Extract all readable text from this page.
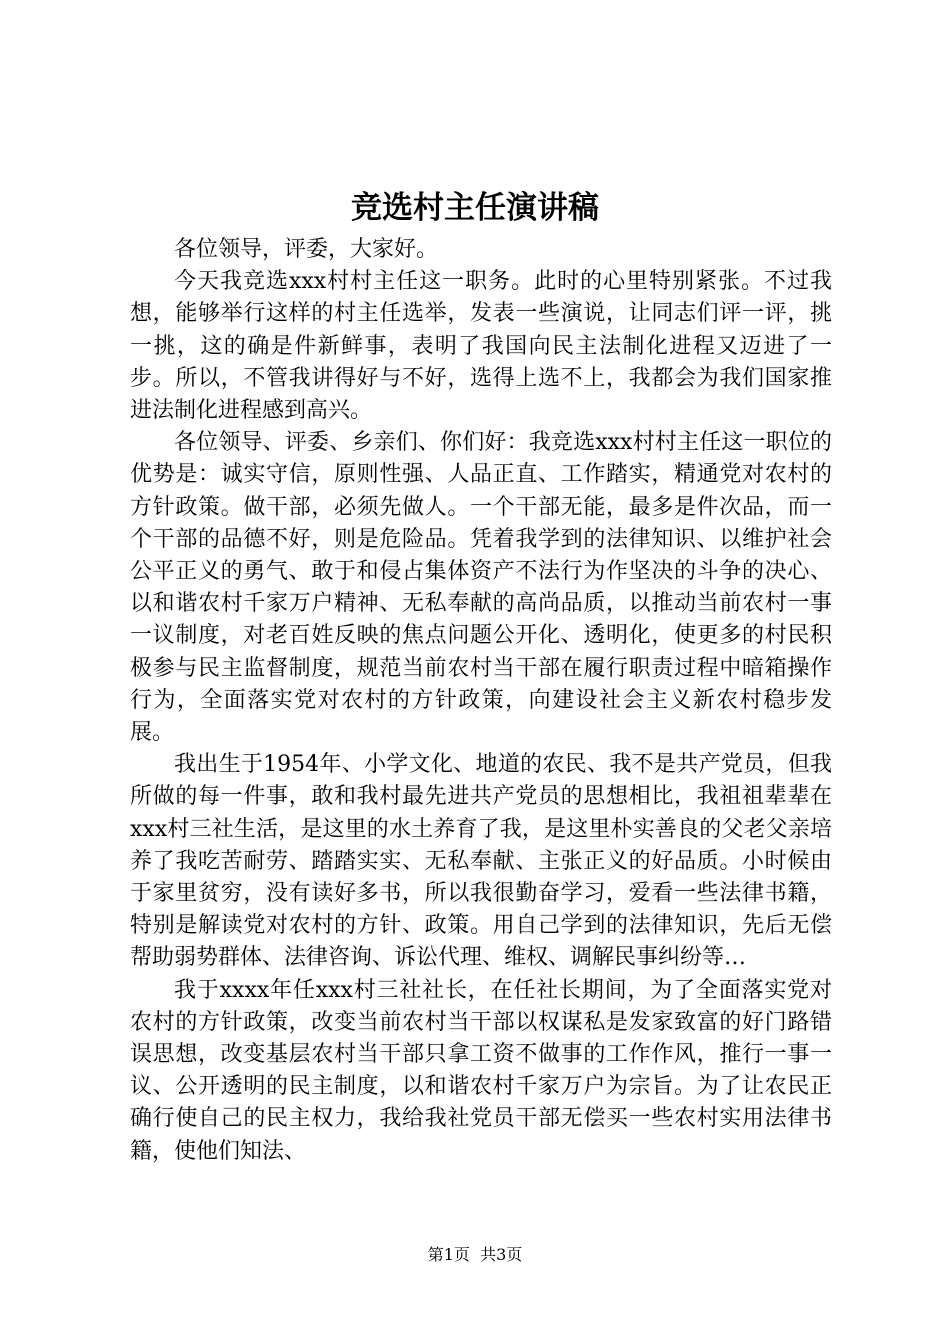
竞选村主任演讲稿

各位领导，评委，大家好。

今天我竞选xxx村村主任这一职务。此时的心里特别紧张。不过我想，能够举行这样的村主任选举，发表一些演说，让同志们评一评，挑一挑，这的确是件新鲜事，表明了我国向民主法制化进程又迈进了一步。所以，不管我讲得好与不好，选得上选不上，我都会为我们国家推进法制化进程感到高兴。

各位领导、评委、乡亲们、你们好：我竞选xxx村村主任这一职位的优势是：诚实守信，原则性强、人品正直、工作踏实，精通党对农村的方针政策。做干部，必须先做人。一个干部无能，最多是件次品，而一个干部的品德不好，则是危险品。凭着我学到的法律知识、以维护社会公平正义的勇气、敢于和侵占集体资产不法行为作坚决的斗争的决心、以和谐农村千家万户精神、无私奉献的高尚品质，以推动当前农村一事一议制度，对老百姓反映的焦点问题公开化、透明化，使更多的村民积极参与民主监督制度，规范当前农村当干部在履行职责过程中暗箱操作行为，全面落实党对农村的方针政策，向建设社会主义新农村稳步发展。

我出生于1954年、小学文化、地道的农民、我不是共产党员，但我所做的每一件事，敢和我村最先进共产党员的思想相比，我祖祖辈辈在xxx村三社生活，是这里的水土养育了我，是这里朴实善良的父老父亲培养了我吃苦耐劳、踏踏实实、无私奉献、主张正义的好品质。小时候由于家里贫穷，没有读好多书，所以我很勤奋学习，爱看一些法律书籍，特别是解读党对农村的方针、政策。用自己学到的法律知识，先后无偿帮助弱势群体、法律咨询、诉讼代理、维权、调解民事纠纷等…

我于xxxx年任xxx村三社社长，在任社长期间，为了全面落实党对农村的方针政策，改变当前农村当干部以权谋私是发家致富的好门路错误思想，改变基层农村当干部只拿工资不做事的工作作风，推行一事一议、公开透明的民主制度，以和谐农村千家万户为宗旨。为了让农民正确行使自己的民主权力，我给我社党员干部无偿买一些农村实用法律书籍，使他们知法、

第1页 共3页
